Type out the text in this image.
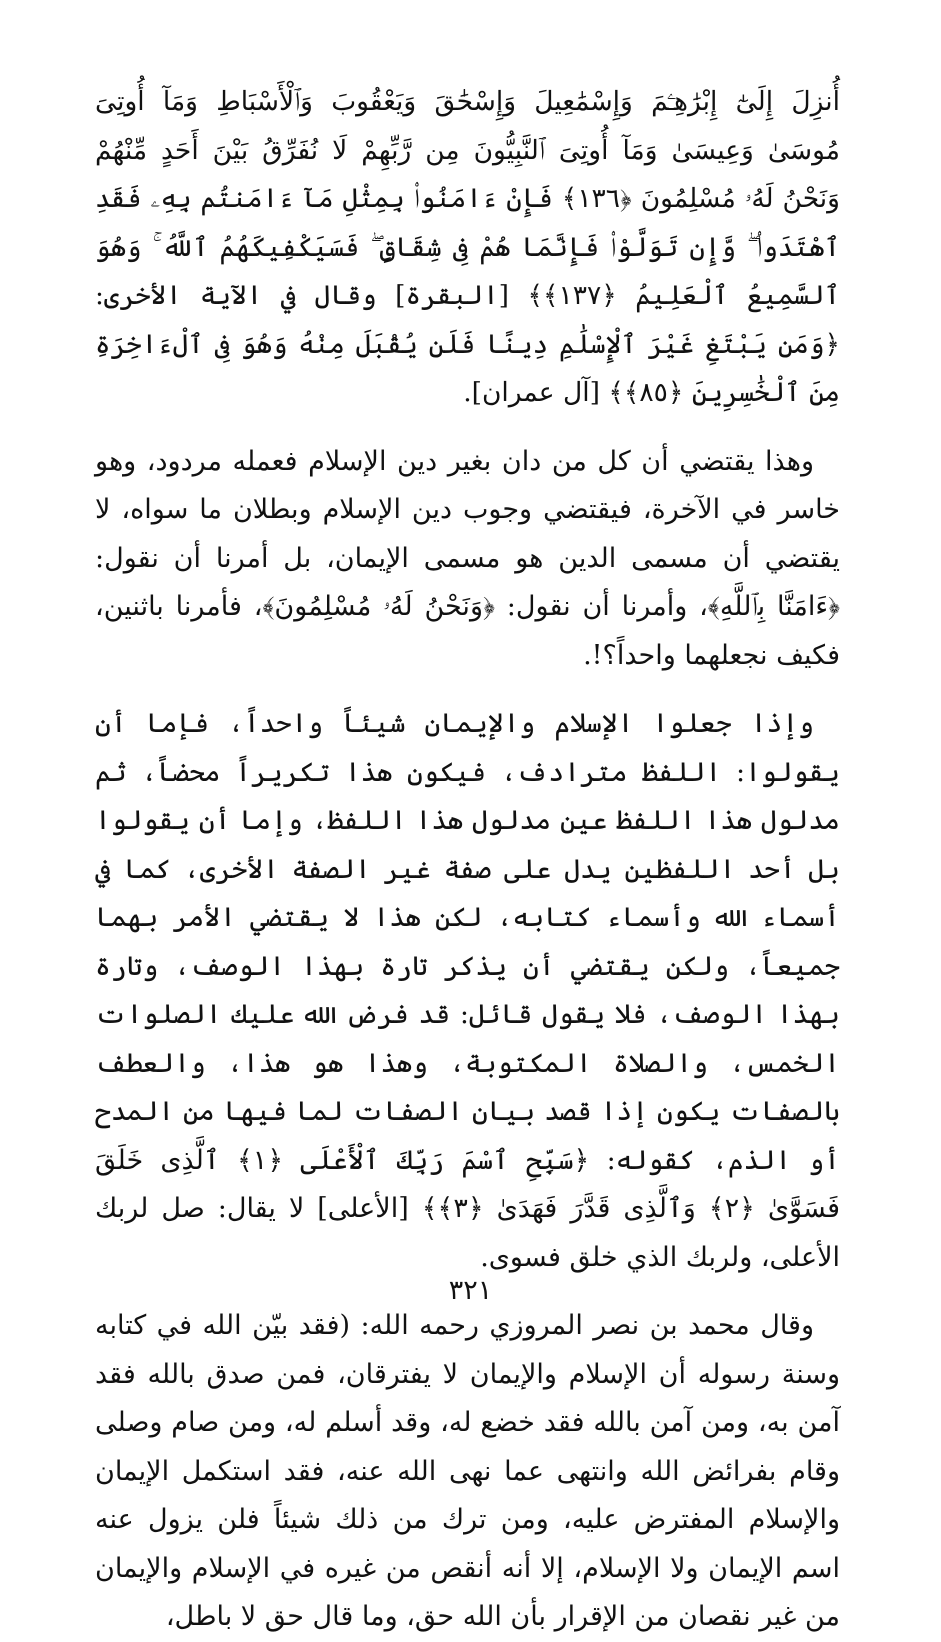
أُنزِلَ إِلَىٰٓ إِبْرَٰهِـۧمَ وَإِسْمَٰعِيلَ وَإِسْحَٰقَ وَيَعْقُوبَ وَٱلْأَسْبَاطِ وَمَآ أُوتِىَ مُوسَىٰ وَعِيسَىٰ وَمَآ أُوتِىَ ٱلنَّبِيُّونَ مِن رَّبِّهِمْ لَا نُفَرِّقُ بَيْنَ أَحَدٍ مِّنْهُمْ وَنَحْنُ لَهُۥ مُسْلِمُونَ ﴿١٣٦﴾ فَإِنْ ءَامَنُوا۟ بِمِثْلِ مَآ ءَامَنتُم بِهِۦ فَقَدِ ٱهْتَدَوا۟ ۖ وَّإِن تَوَلَّوْا۟ فَإِنَّمَا هُمْ فِى شِقَاقٍ ۖ فَسَيَكْفِيكَهُمُ ٱللَّهُ ۚ وَهُوَ ٱلسَّمِيعُ ٱلْعَلِيمُ ﴿١٣٧﴾﴾ [البقرة] وقال في الآية الأخرى: ﴿وَمَن يَبْتَغِ غَيْرَ ٱلْإِسْلَٰمِ دِينًا فَلَن يُقْبَلَ مِنْهُ وَهُوَ فِى ٱلْءَاخِرَةِ مِنَ ٱلْخَٰسِرِينَ ﴿٨٥﴾﴾ [آل عمران].

وهذا يقتضي أن كل من دان بغير دين الإسلام فعمله مردود، وهو خاسر في الآخرة، فيقتضي وجوب دين الإسلام وبطلان ما سواه، لا يقتضي أن مسمى الدين هو مسمى الإيمان، بل أمرنا أن نقول: ﴿ءَامَنَّا بِٱللَّهِ﴾، وأمرنا أن نقول: ﴿وَنَحْنُ لَهُۥ مُسْلِمُونَ﴾، فأمرنا باثنين، فكيف نجعلهما واحداً؟!.

وإذا جعلوا الإسلام والإيمان شيئاً واحداً، فإما أن يقولوا: اللفظ مترادف، فيكون هذا تكريراً محضاً، ثم مدلول هذا اللفظ عين مدلول هذا اللفظ، وإما أن يقولوا بل أحد اللفظين يدل على صفة غير الصفة الأخرى، كما في أسماء الله وأسماء كتابه، لكن هذا لا يقتضي الأمر بهما جميعاً، ولكن يقتضي أن يذكر تارة بهذا الوصف، وتارة بهذا الوصف، فلا يقول قائل: قد فرض الله عليك الصلوات الخمس، والصلاة المكتوبة، وهذا هو هذا، والعطف بالصفات يكون إذا قصد بيان الصفات لما فيها من المدح أو الذم، كقوله: ﴿سَبِّحِ ٱسْمَ رَبِّكَ ٱلْأَعْلَى ﴿١﴾ ٱلَّذِى خَلَقَ فَسَوَّىٰ ﴿٢﴾ وَٱلَّذِى قَدَّرَ فَهَدَىٰ ﴿٣﴾﴾ [الأعلى] لا يقال: صل لربك الأعلى، ولربك الذي خلق فسوى.

وقال محمد بن نصر المروزي رحمه الله: (فقد بيّن الله في كتابه وسنة رسوله أن الإسلام والإيمان لا يفترقان، فمن صدق بالله فقد آمن به، ومن آمن بالله فقد خضع له، وقد أسلم له، ومن صام وصلى وقام بفرائض الله وانتهى عما نهى الله عنه، فقد استكمل الإيمان والإسلام المفترض عليه، ومن ترك من ذلك شيئاً فلن يزول عنه اسم الإيمان ولا الإسلام، إلا أنه أنقص من غيره في الإسلام والإيمان من غير نقصان من الإقرار بأن الله حق، وما قال حق لا باطل،

٣٢١
